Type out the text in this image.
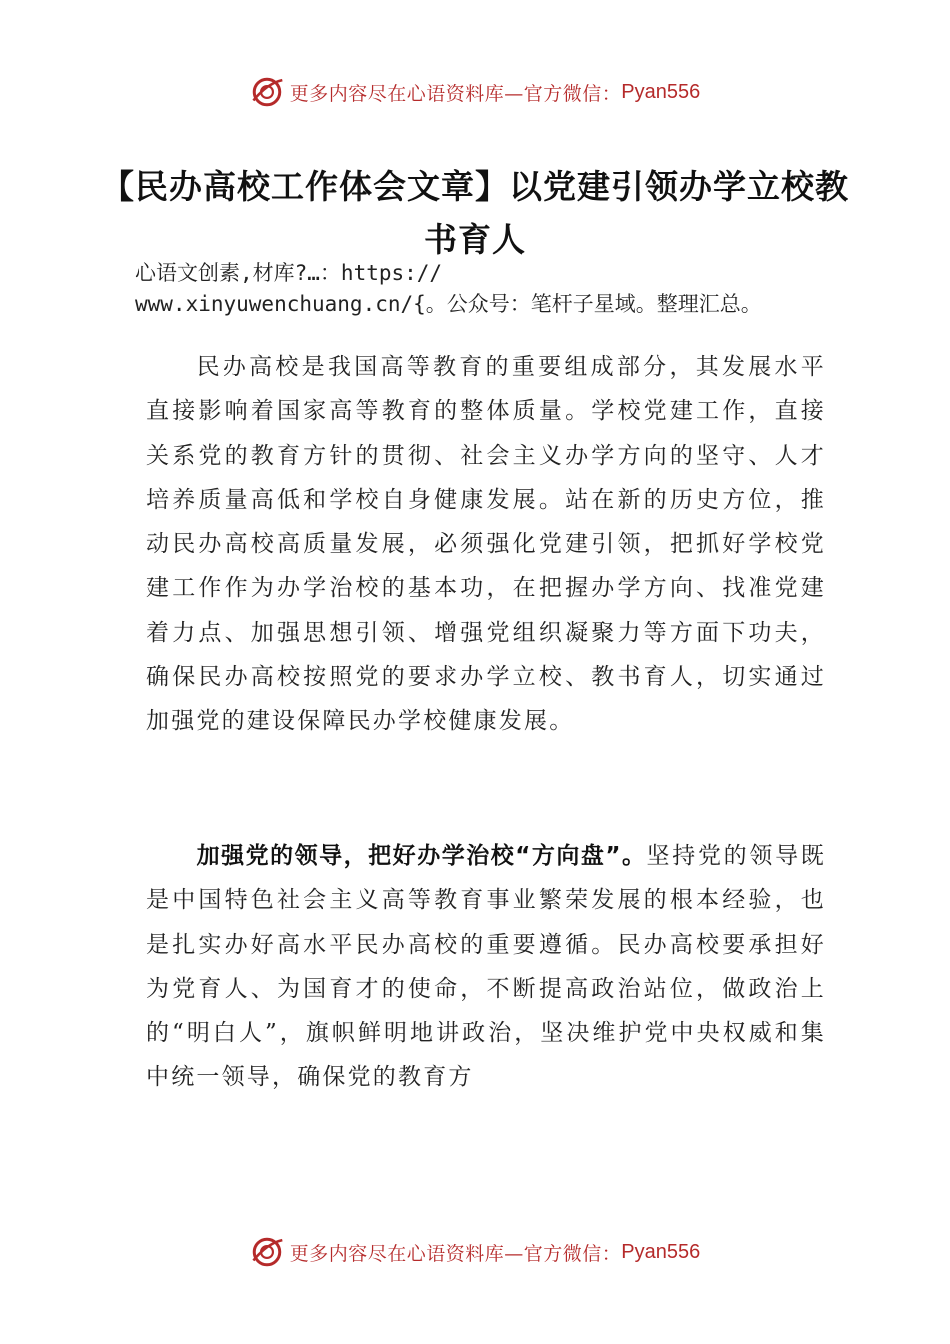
更多内容尽在心语资料库—官方微信： Pyan556
【民办高校工作体会文章】以党建引领办学立校教书育人
心语文创素,材库?…：https://
www.xinyuwenchuang.cn/{。公众号：笔杆子星域。整理汇总。

民办高校是我国高等教育的重要组成部分，其发展水平直接影响着国家高等教育的整体质量。学校党建工作，直接关系党的教育方针的贯彻、社会主义办学方向的坚守、人才培养质量高低和学校自身健康发展。站在新的历史方位，推动民办高校高质量发展，必须强化党建引领，把抓好学校党建工作作为办学治校的基本功，在把握办学方向、找准党建着力点、加强思想引领、增强党组织凝聚力等方面下功夫，确保民办高校按照党的要求办学立校、教书育人，切实通过加强党的建设保障民办学校健康发展。

加强党的领导，把好办学治校“方向盘”。坚持党的领导既是中国特色社会主义高等教育事业繁荣发展的根本经验，也是扎实办好高水平民办高校的重要遵循。民办高校要承担好为党育人、为国育才的使命，不断提高政治站位，做政治上的“明白人”，旗帜鲜明地讲政治，坚决维护党中央权威和集中统一领导，确保党的教育方

更多内容尽在心语资料库—官方微信： Pyan556
